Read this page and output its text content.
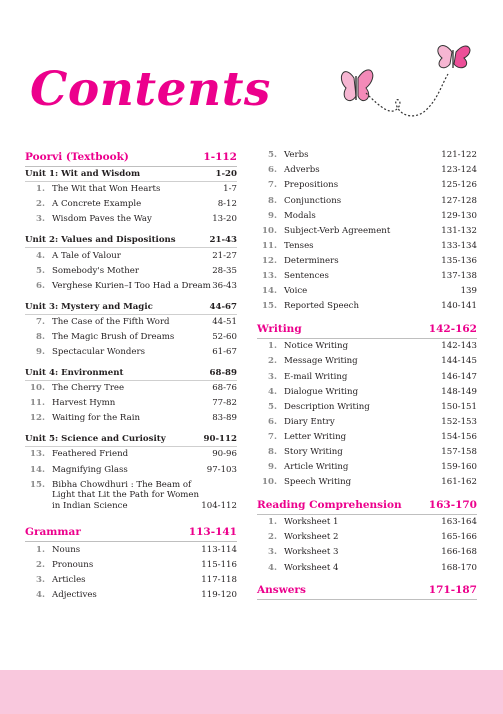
Contents
Poorvi (Textbook)	1-112
Unit 1: Wit and Wisdom	1-20
1. The Wit that Won Hearts	1-7
2. A Concrete Example	8-12
3. Wisdom Paves the Way	13-20
Unit 2: Values and Dispositions	21-43
4. A Tale of Valour	21-27
5. Somebody's Mother	28-35
6. Verghese Kurien–I Too Had a Dream 36-43
Unit 3: Mystery and Magic	44-67
7. The Case of the Fifth Word	44-51
8. The Magic Brush of Dreams	52-60
9. Spectacular Wonders	61-67
Unit 4: Environment	68-89
10. The Cherry Tree	68-76
11. Harvest Hymn	77-82
12. Waiting for the Rain	83-89
Unit 5: Science and Curiosity	90-112
13. Feathered Friend	90-96
14. Magnifying Glass	97-103
15. Bibha Chowdhuri : The Beam of Light that Lit the Path for Women in Indian Science	104-112
Grammar	113-141
1. Nouns	113-114
2. Pronouns	115-116
3. Articles	117-118
4. Adjectives	119-120
5. Verbs	121-122
6. Adverbs	123-124
7. Prepositions	125-126
8. Conjunctions	127-128
9. Modals	129-130
10. Subject-Verb Agreement	131-132
11. Tenses	133-134
12. Determiners	135-136
13. Sentences	137-138
14. Voice	139
15. Reported Speech	140-141
Writing	142-162
1. Notice Writing	142-143
2. Message Writing	144-145
3. E-mail Writing	146-147
4. Dialogue Writing	148-149
5. Description Writing	150-151
6. Diary Entry	152-153
7. Letter Writing	154-156
8. Story Writing	157-158
9. Article Writing	159-160
10. Speech Writing	161-162
Reading Comprehension	163-170
1. Worksheet 1	163-164
2. Worksheet 2	165-166
3. Worksheet 3	166-168
4. Worksheet 4	168-170
Answers	171-187
